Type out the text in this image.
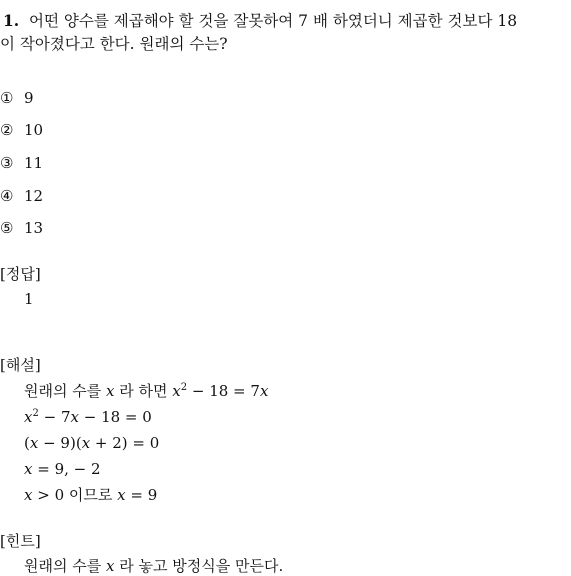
1. 어떤 양수를 제곱해야 할 것을 잘못하여 7 배 하였더니 제곱한 것보다 18
이 작아졌다고 한다. 원래의 수는?
① 9
② 10
③ 11
④ 12
⑤ 13
[정답]
1
[해설]
원래의 수를 x 라 하면 $x^2 - 18 = 7x$
$x^2 - 7x - 18 = 0$
(x − 9)(x + 2) = 0
x = 9, − 2
x > 0 이므로 x = 9
[힌트]
원래의 수를 x 라 놓고 방정식을 만든다.
